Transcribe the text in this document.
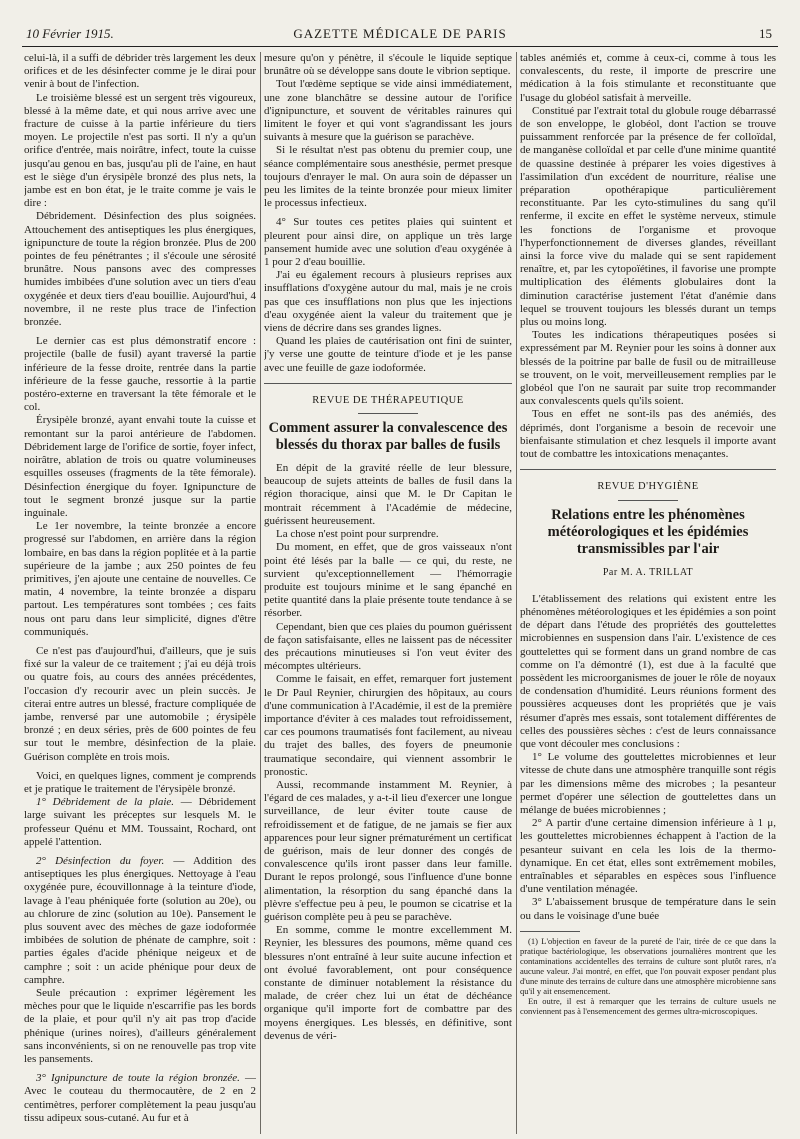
10 Février 1915.	GAZETTE MÉDICALE DE PARIS	15

celui-là, il a suffi de débrider très largement les deux orifices et de les désinfecter comme je le dirai pour venir à bout de l'infection.

Le troisième blessé est un sergent très vigoureux, blessé à la même date, et qui nous arrive avec une fracture de cuisse à la partie inférieure du tiers moyen. Le projectile n'est pas sorti. Il n'y a qu'un orifice d'entrée, mais noirâtre, infect, toute la cuisse jusqu'au genou en bas, jusqu'au pli de l'aine, en haut est le siège d'un érysipèle bronzé des plus nets, la jambe est en bon état, je le traite comme je vais le dire :

Débridement. Désinfection des plus soignées. Attouchement des antiseptiques les plus énergiques, ignipuncture de toute la région bronzée. Plus de 200 pointes de feu pénétrantes ; il s'écoule une sérosité brunâtre. Nous pansons avec des compresses humides imbibées d'une solution avec un tiers d'eau oxygénée et deux tiers d'eau bouillie. Aujourd'hui, 4 novembre, il ne reste plus trace de l'infection bronzée.

Le dernier cas est plus démonstratif encore : projectile (balle de fusil) ayant traversé la partie inférieure de la fesse droite, rentrée dans la partie inférieure de la fesse gauche, ressortie à la partie postéro-externe en traversant la tête fémorale et le col.

Érysipèle bronzé, ayant envahi toute la cuisse et remontant sur la paroi antérieure de l'abdomen. Débridement large de l'orifice de sortie, foyer infect, noirâtre, ablation de trois ou quatre volumineuses esquilles osseuses (fragments de la tête fémorale). Désinfection énergique du foyer. Ignipuncture de tout le segment bronzé jusque sur la partie inguinale.

Le 1er novembre, la teinte bronzée a encore progressé sur l'abdomen, en arrière dans la région lombaire, en bas dans la région poplitée et à la partie supérieure de la jambe ; aux 250 pointes de feu primitives, j'en ajoute une centaine de nouvelles. Ce matin, 4 novembre, la teinte bronzée a disparu partout. Les températures sont tombées ; ces faits nous ont paru dans leur simplicité, dignes d'être communiqués.

Ce n'est pas d'aujourd'hui, d'ailleurs, que je suis fixé sur la valeur de ce traitement ; j'ai eu déjà trois ou quatre fois, au cours des années précédentes, l'occasion d'y recourir avec un plein succès. Je citerai entre autres un blessé, fracture compliquée de jambe, renversé par une automobile ; érysipèle bronzé ; en deux séries, près de 600 pointes de feu sur tout le membre, désinfection de la plaie. Guérison complète en trois mois.

Voici, en quelques lignes, comment je comprends et je pratique le traitement de l'érysipèle bronzé.

1° Débridement de la plaie. — Débridement large suivant les préceptes sur lesquels M. le professeur Quénu et MM. Toussaint, Rochard, ont appelé l'attention.

2° Désinfection du foyer. — Addition des antiseptiques les plus énergiques. Nettoyage à l'eau oxygénée pure, écouvillonnage à la teinture d'iode, lavage à l'eau phéniquée forte (solution au 20e), ou au chlorure de zinc (solution au 10e). Pansement le plus souvent avec des mèches de gaze iodoformée imbibées de solution de phénate de camphre, soit : parties égales d'acide phénique neigeux et de camphre ; soit : un acide phénique pour deux de camphre.

Seule précaution : exprimer légèrement les mèches pour que le liquide n'escarrifie pas les bords de la plaie, et pour qu'il n'y ait pas trop d'acide phénique (urines noires), d'ailleurs généralement sans inconvénients, si on ne renouvelle pas trop vite les pansements.

3° Ignipuncture de toute la région bronzée. — Avec le couteau du thermocautère, de 2 en 2 centimètres, perforer complètement la peau jusqu'au tissu adipeux sous-cutané. Au fur et à

mesure qu'on y pénètre, il s'écoule le liquide septique brunâtre où se développe sans doute le vibrion septique.

Tout l'œdème septique se vide ainsi immédiatement, une zone blanchâtre se dessine autour de l'orifice d'ignipuncture, et souvent de véritables rainures qui limitent le foyer et qui vont s'agrandissant les jours suivants à mesure que la guérison se parachève.

Si le résultat n'est pas obtenu du premier coup, une séance complémentaire sous anesthésie, permet presque toujours d'enrayer le mal. On aura soin de dépasser un peu les limites de la teinte bronzée pour mieux limiter le processus infectieux.

4° Sur toutes ces petites plaies qui suintent et pleurent pour ainsi dire, on applique un très large pansement humide avec une solution d'eau oxygénée à 1 pour 2 d'eau bouillie.

J'ai eu également recours à plusieurs reprises aux insufflations d'oxygène autour du mal, mais je ne crois pas que ces insufflations non plus que les injections d'eau oxygénée aient la valeur du traitement que je viens de décrire dans ses grandes lignes.

Quand les plaies de cautérisation ont fini de suinter, j'y verse une goutte de teinture d'iode et je les panse avec une feuille de gaze iodoformée.

REVUE DE THÉRAPEUTIQUE

Comment assurer la convalescence des blessés du thorax par balles de fusils

En dépit de la gravité réelle de leur blessure, beaucoup de sujets atteints de balles de fusil dans la région thoracique, ainsi que M. le Dr Capitan le montrait récemment à l'Académie de médecine, guérissent heureusement.

La chose n'est point pour surprendre.

Du moment, en effet, que de gros vaisseaux n'ont point été lésés par la balle — ce qui, du reste, ne survient qu'exceptionnellement — l'hémorragie produite est toujours minime et le sang épanché en petite quantité dans la plaie présente toute tendance à se résorber.

Cependant, bien que ces plaies du poumon guérissent de façon satisfaisante, elles ne laissent pas de nécessiter des précautions minutieuses si l'on veut éviter des mécomptes ultérieurs.

Comme le faisait, en effet, remarquer fort justement le Dr Paul Reynier, chirurgien des hôpitaux, au cours d'une communication à l'Académie, il est de la première importance d'éviter à ces malades tout refroidissement, car ces poumons traumatisés font facilement, au niveau du trajet des balles, des foyers de pneumonie traumatique secondaire, qui viennent assombrir le pronostic.

Aussi, recommande instamment M. Reynier, à l'égard de ces malades, y a-t-il lieu d'exercer une longue surveillance, de leur éviter toute cause de refroidissement et de fatigue, de ne jamais se fier aux apparences pour leur signer prématurément un certificat de guérison, mais de leur donner des congés de convalescence qu'ils iront passer dans leur famille. Durant le repos prolongé, sous l'influence d'une bonne alimentation, la résorption du sang épanché dans la plèvre s'effectue peu à peu, le poumon se cicatrise et la guérison complète peu à peu se parachève.

En somme, comme le montre excellemment M. Reynier, les blessures des poumons, même quand ces blessures n'ont entraîné à leur suite aucune infection et ont évolué favorablement, ont pour conséquence constante de diminuer notablement la résistance du malade, de créer chez lui un état de déchéance organique qu'il importe fort de combattre par des moyens énergiques. Les blessés, en définitive, sont devenus de véri-

tables anémiés et, comme à ceux-ci, comme à tous les convalescents, du reste, il importe de prescrire une médication à la fois stimulante et reconstituante que l'usage du globéol satisfait à merveille.

Constitué par l'extrait total du globule rouge débarrassé de son enveloppe, le globéol, dont l'action se trouve puissamment renforcée par la présence de fer colloïdal, de manganèse colloïdal et par celle d'une minime quantité de quassine destinée à préparer les voies digestives à l'assimilation d'un excédent de nourriture, réalise une préparation opothérapique particulièrement reconstituante. Par les cyto-stimulines du sang qu'il renferme, il excite en effet le système nerveux, stimule les fonctions de l'organisme et provoque l'hyperfonctionnement de diverses glandes, réveillant ainsi la force vive du malade qui se sent rapidement renaître, et, par les cytopoïétines, il favorise une prompte multiplication des éléments globulaires dont la diminution caractérise justement l'état d'anémie dans lequel se trouvent toujours les blessés durant un temps plus ou moins long.

Toutes les indications thérapeutiques posées si expressément par M. Reynier pour les soins à donner aux blessés de la poitrine par balle de fusil ou de mitrailleuse se trouvent, on le voit, merveilleusement remplies par le globéol que l'on ne saurait par suite trop recommander aux convalescents quels qu'ils soient.

Tous en effet ne sont-ils pas des anémiés, des déprimés, dont l'organisme a besoin de recevoir une bienfaisante stimulation et chez lesquels il importe avant tout de combattre les intoxications menaçantes.

REVUE D'HYGIÈNE

Relations entre les phénomènes météorologiques et les épidémies transmissibles par l'air

Par M. A. TRILLAT

L'établissement des relations qui existent entre les phénomènes météorologiques et les épidémies a son point de départ dans l'étude des propriétés des gouttelettes microbiennes en suspension dans l'air. L'existence de ces gouttelettes qui se forment dans un grand nombre de cas comme on l'a démontré (1), est due à la faculté que possèdent les microorganismes de jouer le rôle de noyaux de condensation d'humidité. Leurs réunions forment des poussières acqueuses dont les propriétés que je vais résumer d'après mes essais, sont totalement différentes de celles des poussières sèches : c'est de leurs connaissance que vont découler mes conclusions :

1° Le volume des gouttelettes microbiennes et leur vitesse de chute dans une atmosphère tranquille sont régis par les dimensions même des microbes ; la pesanteur permet d'opérer une sélection de gouttelettes dans un mélange de buées microbiennes ;

2° A partir d'une certaine dimension inférieure à 1 μ, les gouttelettes microbiennes échappent à l'action de la pesanteur suivant en cela les lois de la thermo-dynamique. En cet état, elles sont extrêmement mobiles, entraînables et séparables en espèces sous l'influence d'une ventilation ménagée.

3° L'abaissement brusque de température dans le sein ou dans le voisinage d'une buée

(1) L'objection en faveur de la pureté de l'air, tirée de ce que dans la pratique bactériologique, les observations journalières montrent que les contaminations accidentelles des terrains de culture sont plutôt rares, n'a aucune valeur. J'ai montré, en effet, que l'on pouvait exposer pendant plus d'une minute des terrains de culture dans une atmosphère microbienne sans qu'il y ait ensemencement.

En outre, il est à remarquer que les terrains de culture usuels ne conviennent pas à l'ensemencement des germes ultra-microscopiques.
